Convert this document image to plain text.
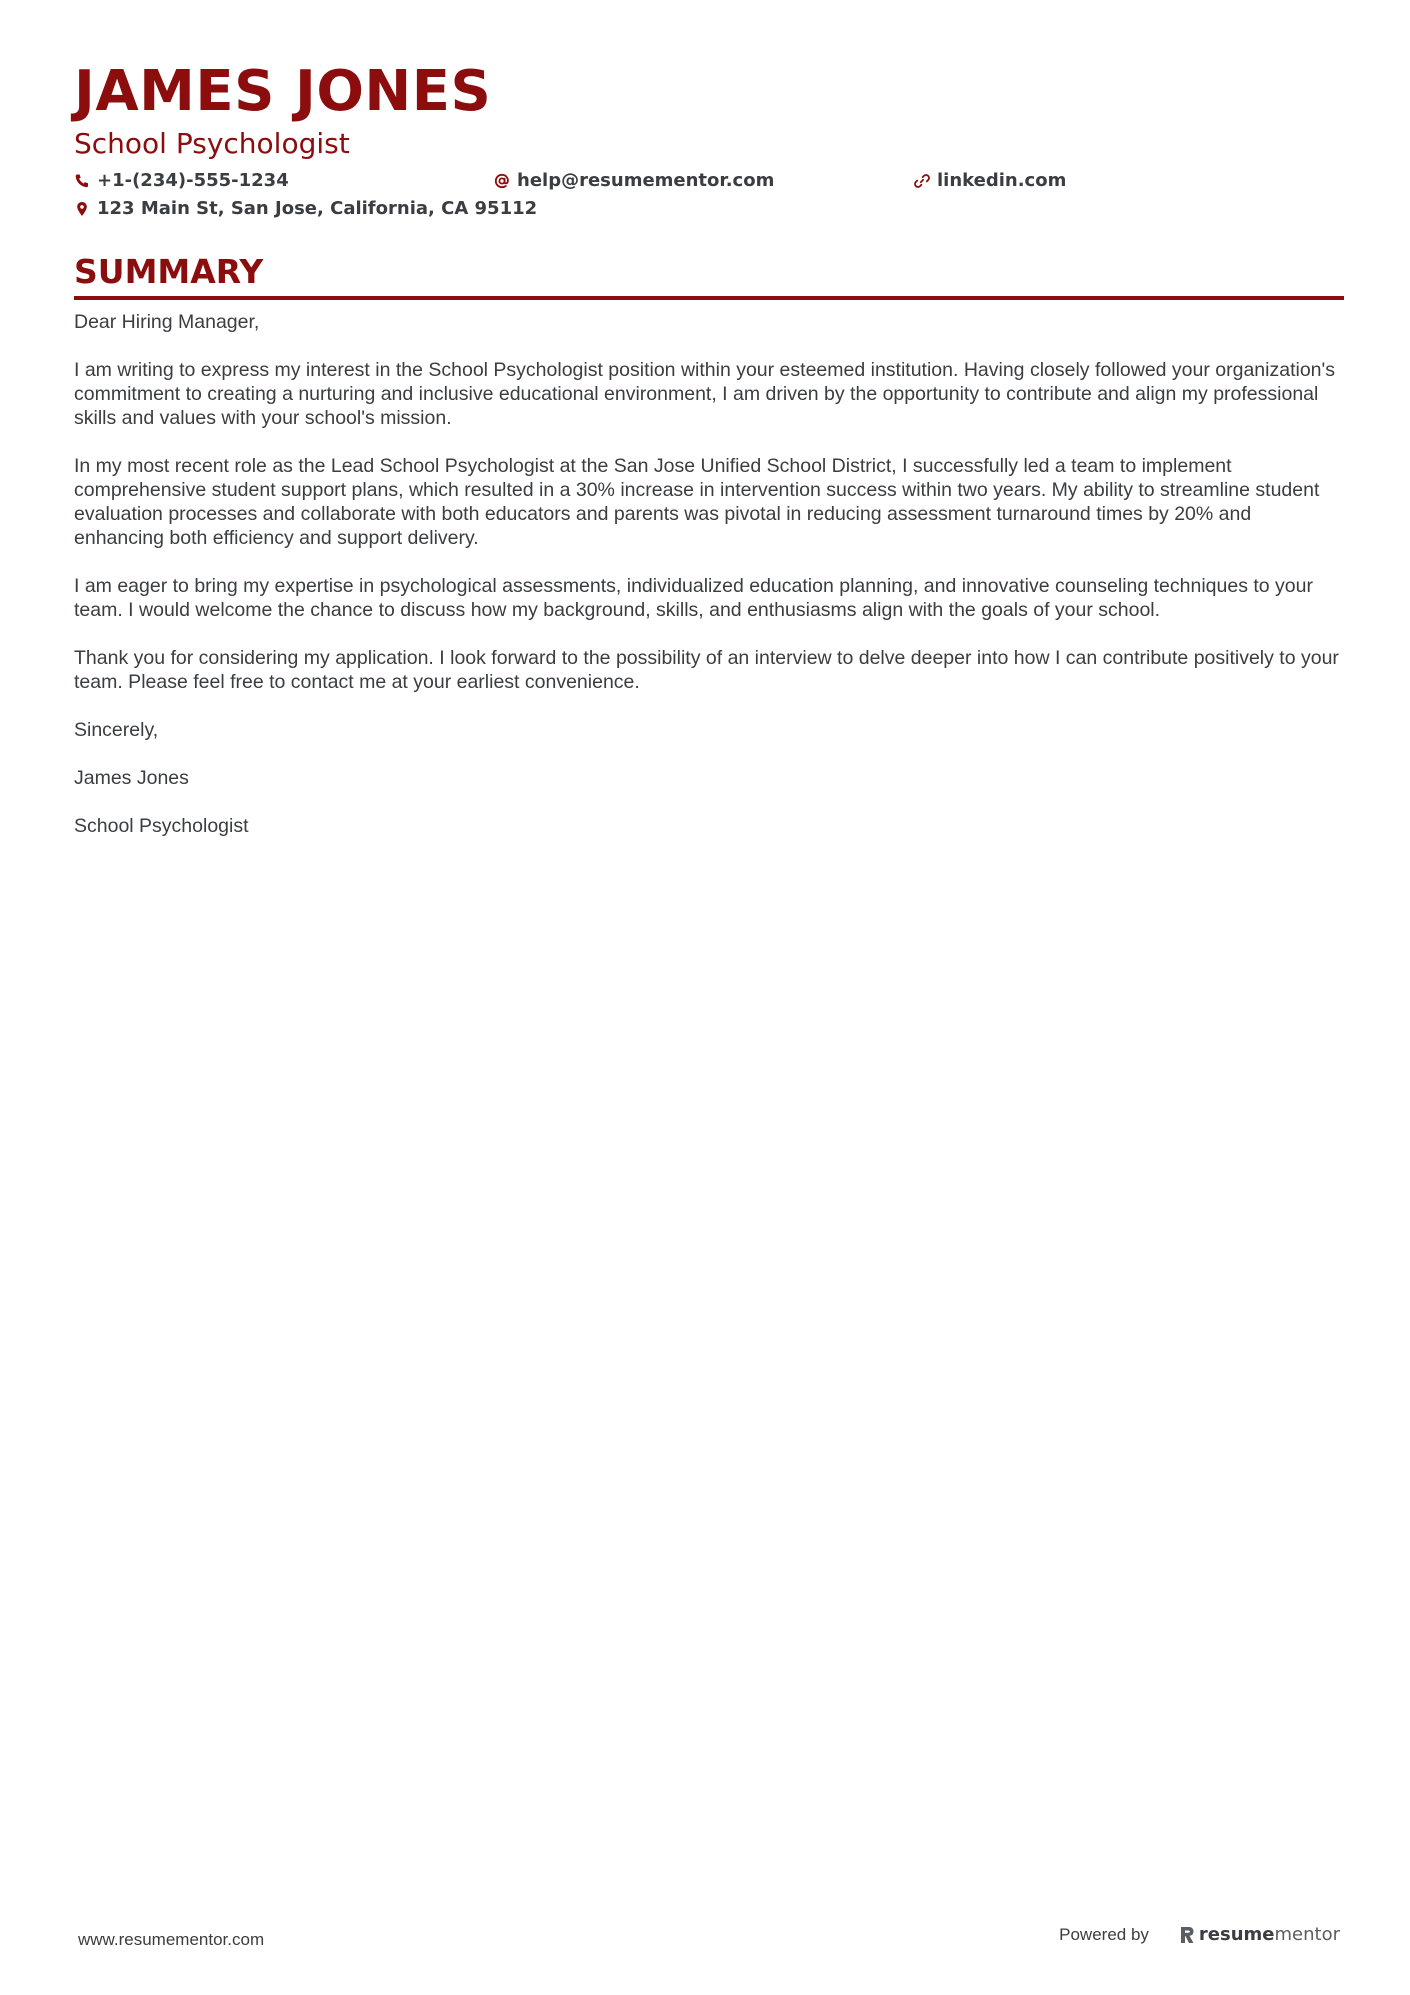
JAMES JONES
School Psychologist
+1-(234)-555-1234	help@resumementor.com	linkedin.com
123 Main St, San Jose, California, CA 95112
SUMMARY

Dear Hiring Manager,

I am writing to express my interest in the School Psychologist position within your esteemed institution. Having closely followed your organization's commitment to creating a nurturing and inclusive educational environment, I am driven by the opportunity to contribute and align my professional skills and values with your school's mission.

In my most recent role as the Lead School Psychologist at the San Jose Unified School District, I successfully led a team to implement comprehensive student support plans, which resulted in a 30% increase in intervention success within two years. My ability to streamline student evaluation processes and collaborate with both educators and parents was pivotal in reducing assessment turnaround times by 20% and enhancing both efficiency and support delivery.

I am eager to bring my expertise in psychological assessments, individualized education planning, and innovative counseling techniques to your team. I would welcome the chance to discuss how my background, skills, and enthusiasms align with the goals of your school.

Thank you for considering my application. I look forward to the possibility of an interview to delve deeper into how I can contribute positively to your team. Please feel free to contact me at your earliest convenience.

Sincerely,

James Jones

School Psychologist

www.resumementor.com	Powered by	resume mentor
